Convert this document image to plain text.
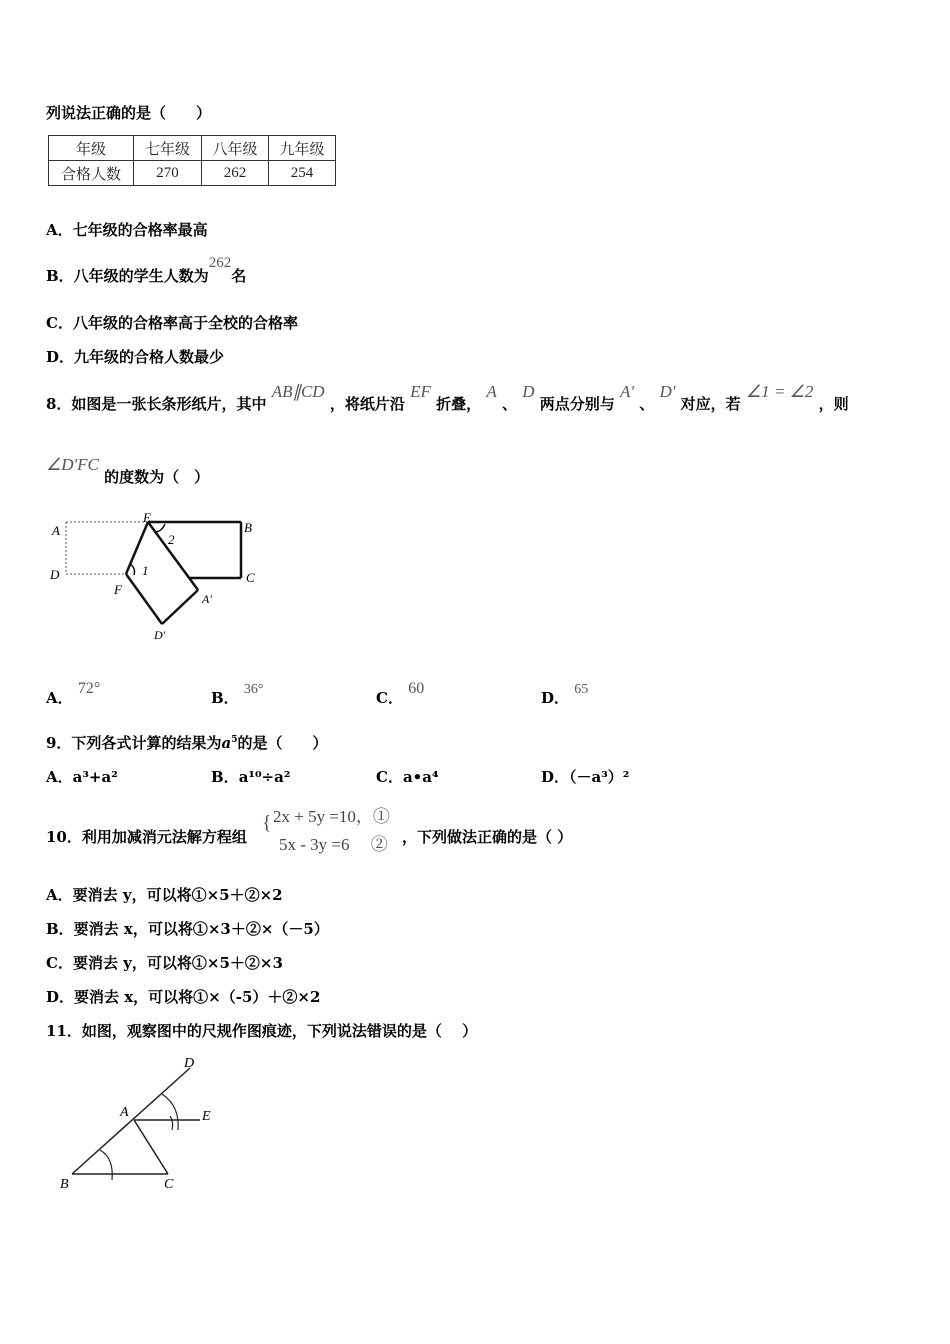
列说法正确的是（　　）
年级	七年级	八年级	九年级
合格人数	270	262	254
A．七年级的合格率最高
B．八年级的学生人数为262名
C．八年级的合格率高于全校的合格率
D．九年级的合格人数最少
8．如图是一张长条形纸片，其中 AB∥CD ，将纸片沿 EF 折叠， A 、 D 两点分别与 A' 、 D' 对应，若 ∠1 = ∠2 ，则
∠D'FC 的度数为（　）
A
E
B
D	C
F
A'
D'
1
2
A． 72°
B． 36°	C． 60
D． 65
9．下列各式计算的结果为$a^5$的是（　　）
A．a³+a²	B．a¹⁰÷a²	C．a•a⁴	D．（－a³）²
10．利用加减消元法解方程组
{ 2x + 5y =10，①
5x - 3y =6 　② ，下列做法正确的是（ ）
A．要消去 y，可以将①×5＋②×2
B．要消去 x，可以将①×3＋②×（－5）
C．要消去 y，可以将①×5＋②×3
D．要消去 x，可以将①×（-5）＋②×2
11．如图，观察图中的尺规作图痕迹，下列说法错误的是（　 ）
D
A	E
B	C
